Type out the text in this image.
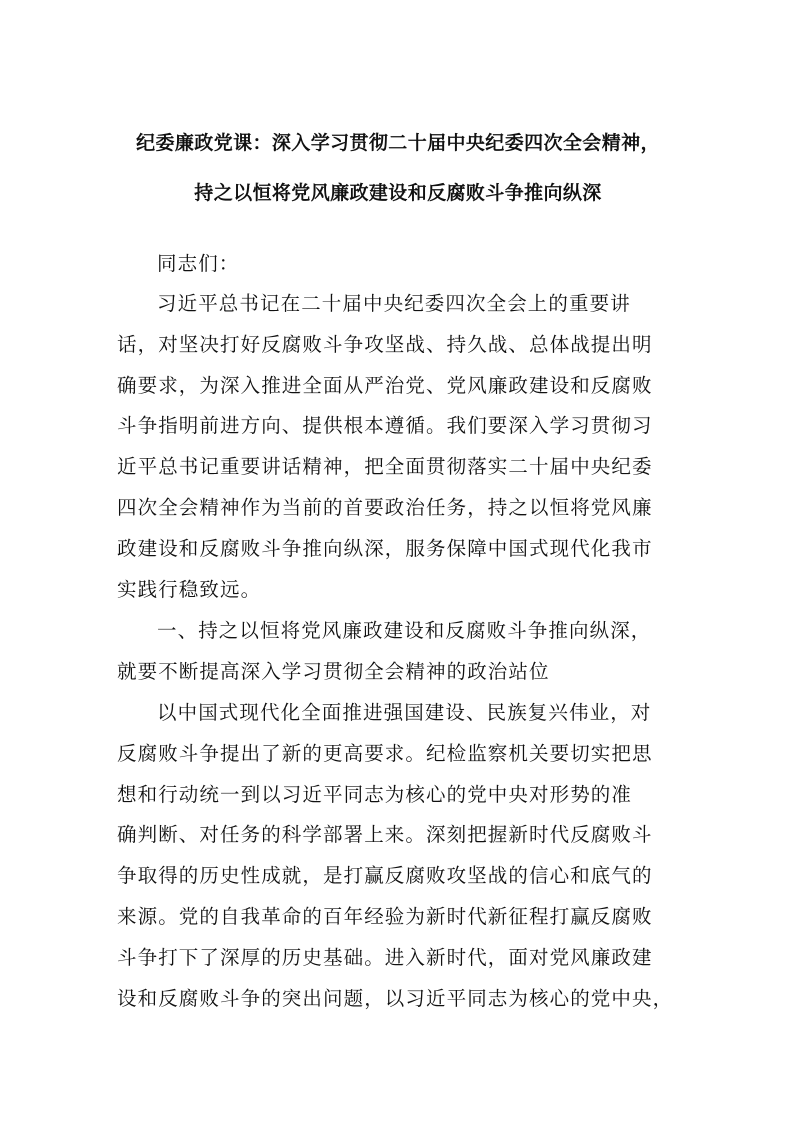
纪委廉政党课：深入学习贯彻二十届中央纪委四次全会精神，
持之以恒将党风廉政建设和反腐败斗争推向纵深
同志们：
习近平总书记在二十届中央纪委四次全会上的重要讲
话，对坚决打好反腐败斗争攻坚战、持久战、总体战提出明
确要求，为深入推进全面从严治党、党风廉政建设和反腐败
斗争指明前进方向、提供根本遵循。我们要深入学习贯彻习
近平总书记重要讲话精神，把全面贯彻落实二十届中央纪委
四次全会精神作为当前的首要政治任务，持之以恒将党风廉
政建设和反腐败斗争推向纵深，服务保障中国式现代化我市
实践行稳致远。
一、持之以恒将党风廉政建设和反腐败斗争推向纵深，
就要不断提高深入学习贯彻全会精神的政治站位
以中国式现代化全面推进强国建设、民族复兴伟业，对
反腐败斗争提出了新的更高要求。纪检监察机关要切实把思
想和行动统一到以习近平同志为核心的党中央对形势的准
确判断、对任务的科学部署上来。深刻把握新时代反腐败斗
争取得的历史性成就，是打赢反腐败攻坚战的信心和底气的
来源。党的自我革命的百年经验为新时代新征程打赢反腐败
斗争打下了深厚的历史基础。进入新时代，面对党风廉政建
设和反腐败斗争的突出问题，以习近平同志为核心的党中央，
